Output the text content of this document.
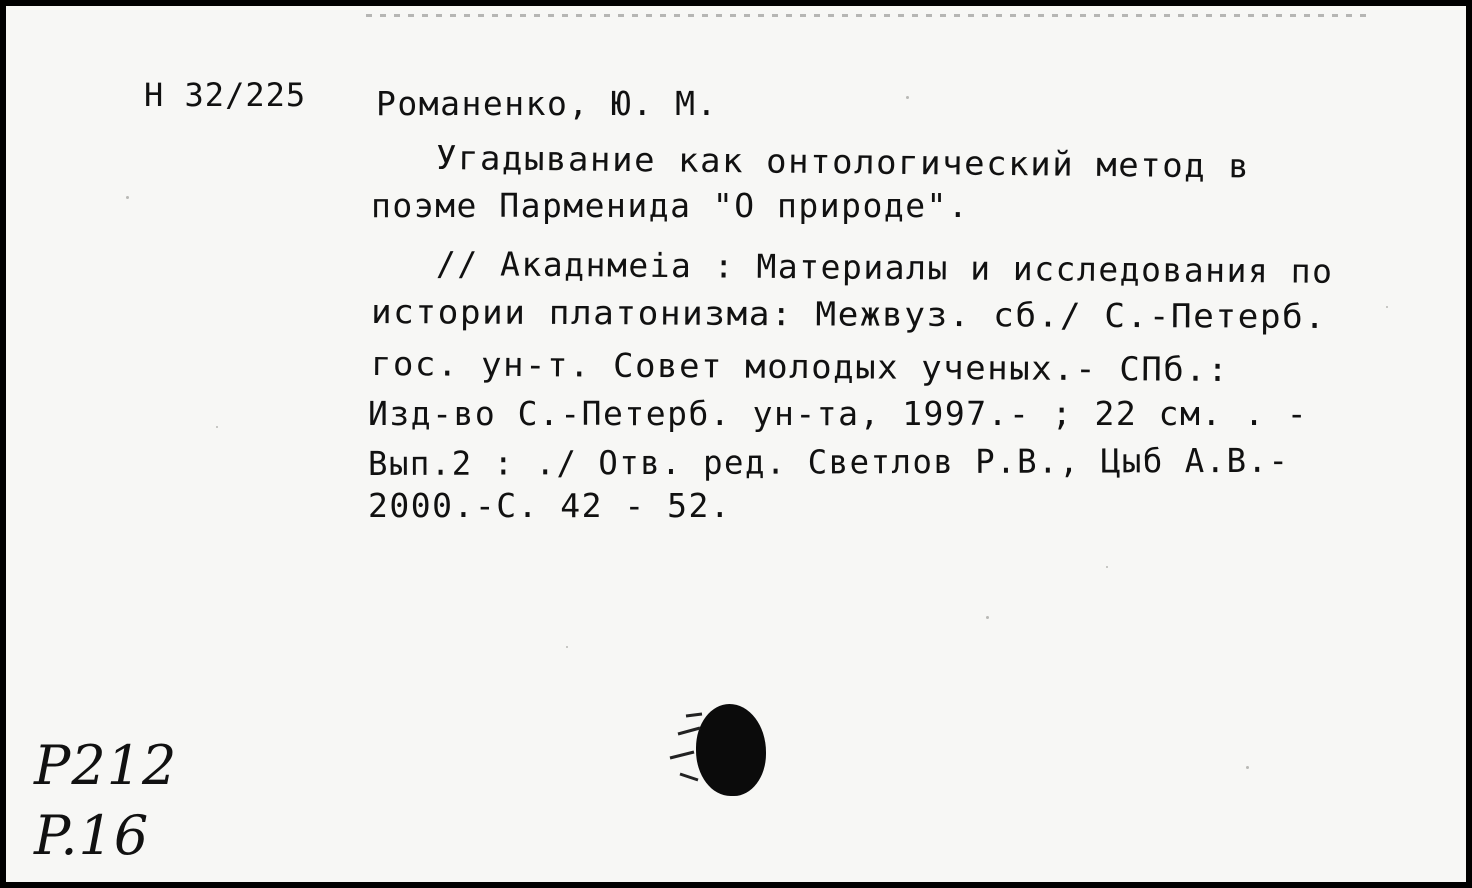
Н 32/225 Романенко, Ю. М.
Угадывание как онтологический метод в
поэме Парменида "О природе".
// Акаднмеia : Материалы и исследования по
истории платонизма: Межвуз. сб./ С.-Петерб.
гос. ун-т. Совет молодых ученых.- СПб.:
Изд-во С.-Петерб. ун-та, 1997.- ; 22 см. . -
Вып.2 : ./ Отв. ред. Светлов Р.В., Цыб А.В.-
2000.-С. 42 - 52.
P212
P.16
